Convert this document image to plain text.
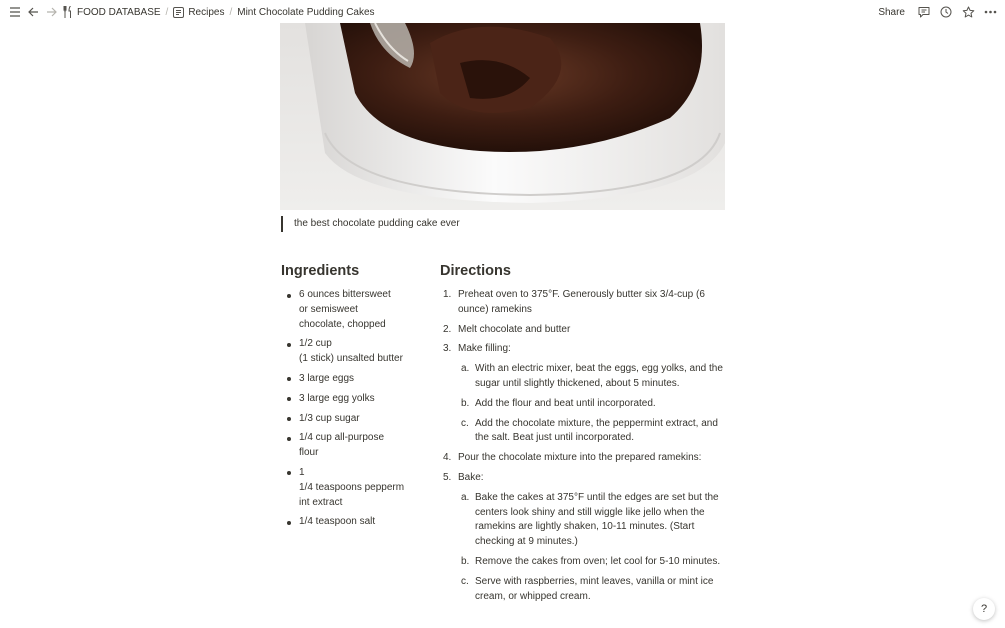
FOOD DATABASE / Recipes / Mint Chocolate Pudding Cakes	Share
the best chocolate pudding cake ever
Ingredients
6 ounces bittersweet
or semisweet
chocolate, chopped
1/2 cup
(1 stick) unsalted butter
3 large eggs
3 large egg yolks
1/3 cup sugar
1/4 cup all-purpose
flour
1
1/4 teaspoons pepperm
int extract
1/4 teaspoon salt
Directions
1. Preheat oven to 375°F. Generously butter six 3/4-cup (6 ounce) ramekins
2. Melt chocolate and butter
3. Make filling:
a. With an electric mixer, beat the eggs, egg yolks, and the sugar until slightly thickened, about 5 minutes.
b. Add the flour and beat until incorporated.
c. Add the chocolate mixture, the peppermint extract, and the salt. Beat just until incorporated.
4. Pour the chocolate mixture into the prepared ramekins:
5. Bake:
a. Bake the cakes at 375°F until the edges are set but the centers look shiny and still wiggle like jello when the ramekins are lightly shaken, 10-11 minutes. (Start checking at 9 minutes.)
b. Remove the cakes from oven; let cool for 5-10 minutes.
c. Serve with raspberries, mint leaves, vanilla or mint ice cream, or whipped cream.
?
